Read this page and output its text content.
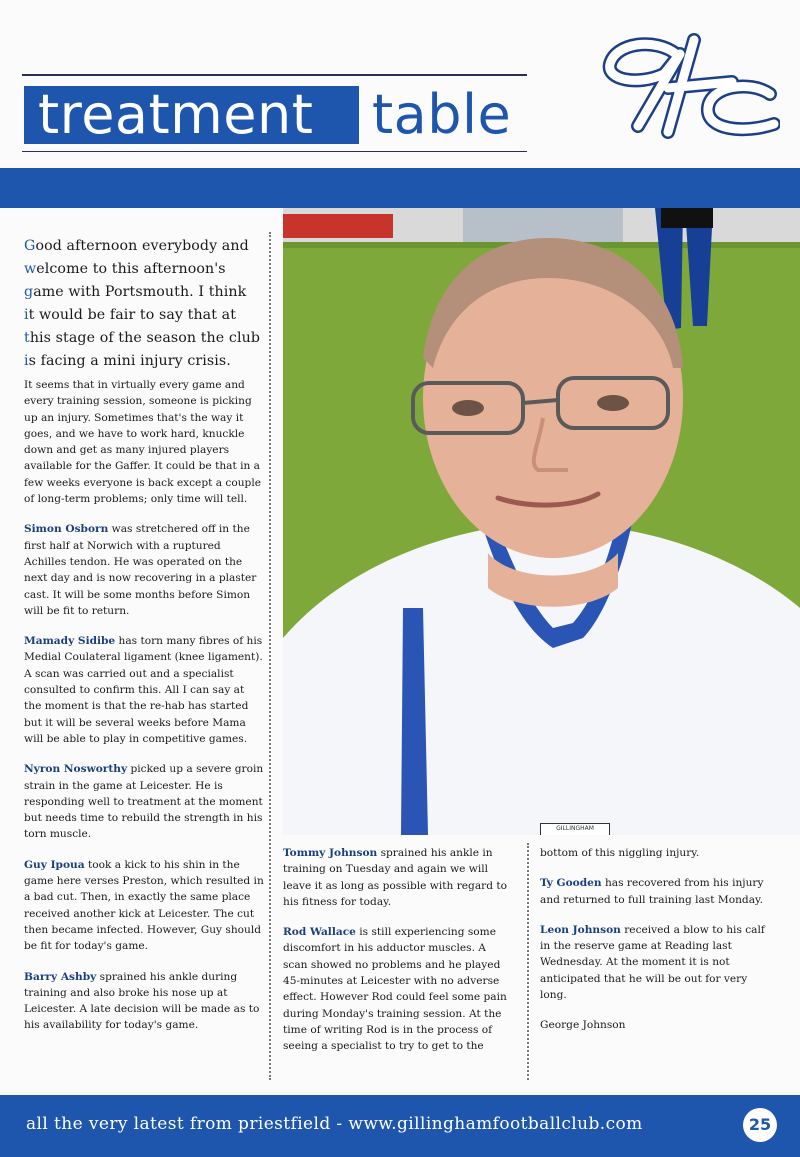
treatment table
GILLINGHAM

Good afternoon everybody and
welcome to this afternoon's
game with Portsmouth. I think
it would be fair to say that at
this stage of the season the club
is facing a mini injury crisis.

It seems that in virtually every game and every training session, someone is picking up an injury. Sometimes that's the way it goes, and we have to work hard, knuckle down and get as many injured players available for the Gaffer. It could be that in a few weeks everyone is back except a couple of long-term problems; only time will tell.

Simon Osborn was stretchered off in the first half at Norwich with a ruptured Achilles tendon. He was operated on the next day and is now recovering in a plaster cast. It will be some months before Simon will be fit to return.

Mamady Sidibe has torn many fibres of his Medial Coulateral ligament (knee ligament). A scan was carried out and a specialist consulted to confirm this. All I can say at the moment is that the re-hab has started but it will be several weeks before Mama will be able to play in competitive games.

Nyron Nosworthy picked up a severe groin strain in the game at Leicester. He is responding well to treatment at the moment but needs time to rebuild the strength in his torn muscle.

Guy Ipoua took a kick to his shin in the game here verses Preston, which resulted in a bad cut. Then, in exactly the same place received another kick at Leicester. The cut then became infected. However, Guy should be fit for today's game.

Barry Ashby sprained his ankle during training and also broke his nose up at Leicester. A late decision will be made as to his availability for today's game.

Tommy Johnson sprained his ankle in training on Tuesday and again we will leave it as long as possible with regard to his fitness for today.

Rod Wallace is still experiencing some discomfort in his adductor muscles. A scan showed no problems and he played 45-minutes at Leicester with no adverse effect. However Rod could feel some pain during Monday's training session. At the time of writing Rod is in the process of seeing a specialist to try to get to the

bottom of this niggling injury.

Ty Gooden has recovered from his injury and returned to full training last Monday.

Leon Johnson received a blow to his calf in the reserve game at Reading last Wednesday. At the moment it is not anticipated that he will be out for very long.

George Johnson

all the very latest from priestfield - www.gillinghamfootballclub.com	25
